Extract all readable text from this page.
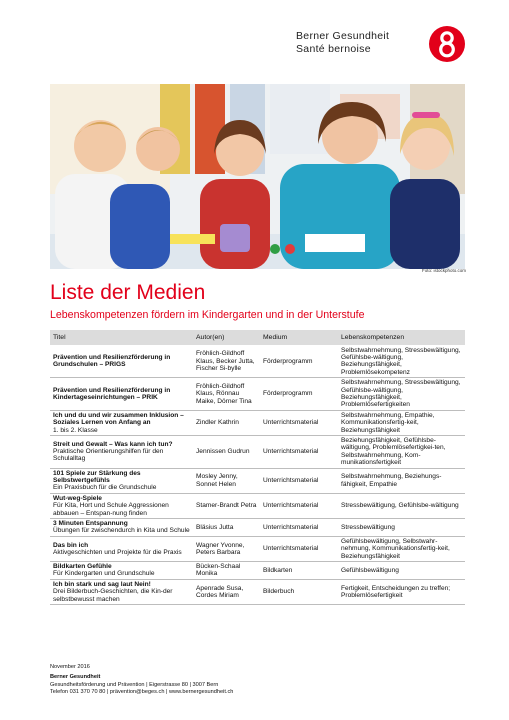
Berner Gesundheit
Santé bernoise
Foto: istockphoto.com
Liste der Medien
Lebenskompetenzen fördern im Kindergarten und in der Unterstufe
Titel	Autor(en)	Medium	Lebenskompetenzen

Prävention und Resilienzförderung in Grundschulen – PRIGS	Fröhlich-Gildhoff Klaus, Becker Jutta, Fischer Si-bylle	Förderprogramm	Selbstwahrnehmung, Stressbewältigung, Gefühlsbe-wältigung, Beziehungsfähigkeit, Problemlösekompetenz

Prävention und Resilienzförderung in Kindertageseinrichtungen – PRIK	Fröhlich-Gildhoff Klaus, Rönnau Maike, Dörner Tina	Förderprogramm	Selbstwahrnehmung, Stressbewältigung, Gefühlsbe-wältigung, Beziehungsfähigkeit, Problemlösefertigkeiten

Ich und du und wir zusammen Inklusion – Soziales Lernen von Anfang an
1. bis 2. Klasse	Zindler Kathrin	Unterrichtsmaterial	Selbstwahrnehmung, Empathie, Kommunikationsfertig-keit, Beziehungsfähigkeit

Streit und Gewalt – Was kann ich tun?
Praktische Orientierungshilfen für den Schulalltag	Jennissen Gudrun	Unterrichtsmaterial	Beziehungsfähigkeit, Gefühlsbe-wältigung, Problemlösefertigkei-ten, Selbstwahrnehmung, Kom-munikationsfertigkeit

101 Spiele zur Stärkung des Selbstwertgefühls
Ein Praxisbuch für die Grundschule	Mosley Jenny, Sonnet Helen	Unterrichtsmaterial	Selbstwahrnehmung, Beziehungs-fähigkeit, Empathie

Wut-weg-Spiele
Für Kita, Hort und Schule Aggressionen abbauen – Entspan-nung finden	Stamer-Brandt Petra	Unterrichtsmaterial	Stressbewältigung, Gefühlsbe-wältigung

3 Minuten Entspannung
Übungen für zwischendurch in Kita und Schule	Bläsius Jutta	Unterrichtsmaterial	Stressbewältigung

Das bin ich
Aktivgeschichten und Projekte für die Praxis	Wagner Yvonne, Peters Barbara	Unterrichtsmaterial	Gefühlsbewältigung, Selbstwahr-nehmung, Kommunikationsfertig-keit, Beziehungsfähigkeit

Bildkarten Gefühle
Für Kindergarten und Grundschule	Bücken-Schaal Monika	Bildkarten	Gefühlsbewältigung

Ich bin stark und sag laut Nein!
Drei Bilderbuch-Geschichten, die Kin-der selbstbewusst machen	Apenrade Susa, Cordes Miriam	Bilderbuch	Fertigkeit, Entscheidungen zu treffen; Problemlösefertigkeit
November 2016
Berner Gesundheit
Gesundheitsförderung und Prävention | Eigerstrasse 80 | 3007 Bern
Telefon 031 370 70 80 | prävention@beges.ch | www.bernergesundheit.ch
